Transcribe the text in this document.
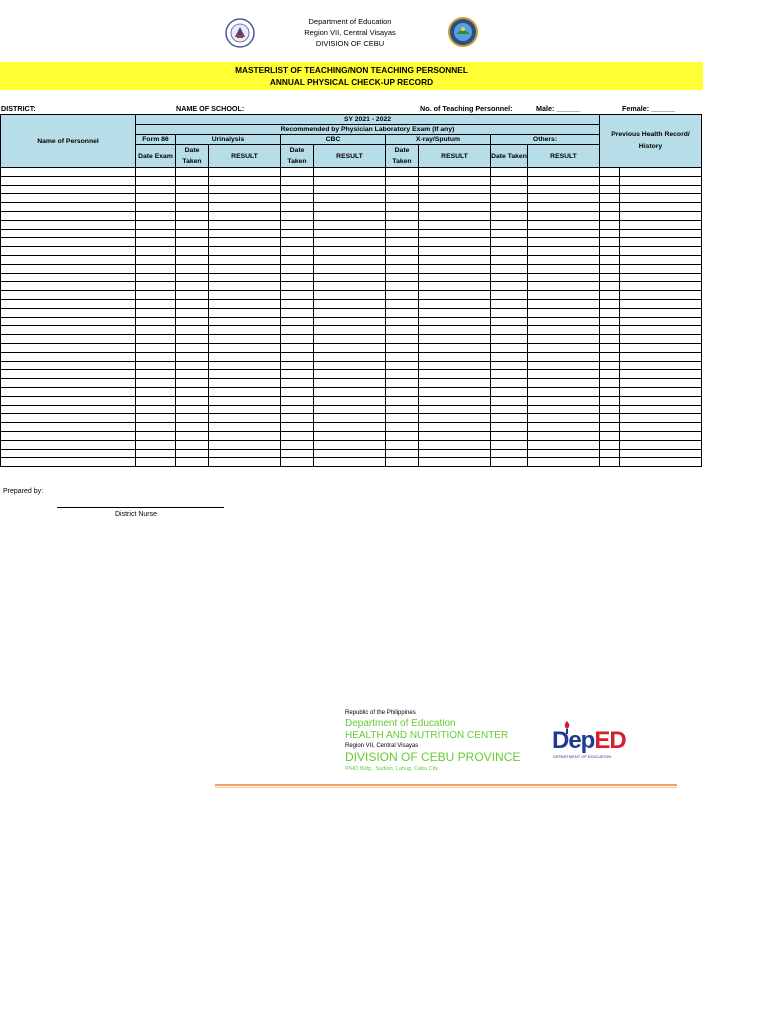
Department of Education
Region VII, Central Visayas
DIVISION OF CEBU
MASTERLIST OF TEACHING/NON TEACHING PERSONNEL
ANNUAL PHYSICAL CHECK-UP RECORD
DISTRICT:	NAME OF SCHOOL:	No. of Teaching Personnel:	Male: ______	Female: ______
Name of Personnel	SY 2021 - 2022									Previous Health Record/ History	
	Recommended by Physician Laboratory Exam (If any)										
	Form 86	Urinalysis		CBC		X-ray/Sputum		Others:			
	Date Exam	Date Taken	RESULT	Date Taken	RESULT	Date Taken	RESULT	Date Taken	RESULT		

Prepared by:
District Nurse
Republic of the Philippines
Department of Education
HEALTH AND NUTRITION CENTER
Region VII, Central Visayas
DIVISION OF CEBU PROVINCE
IPHO Bldg., Sudlon, Lahug, Cebu City
DepED
DEPARTMENT OF EDUCATION
